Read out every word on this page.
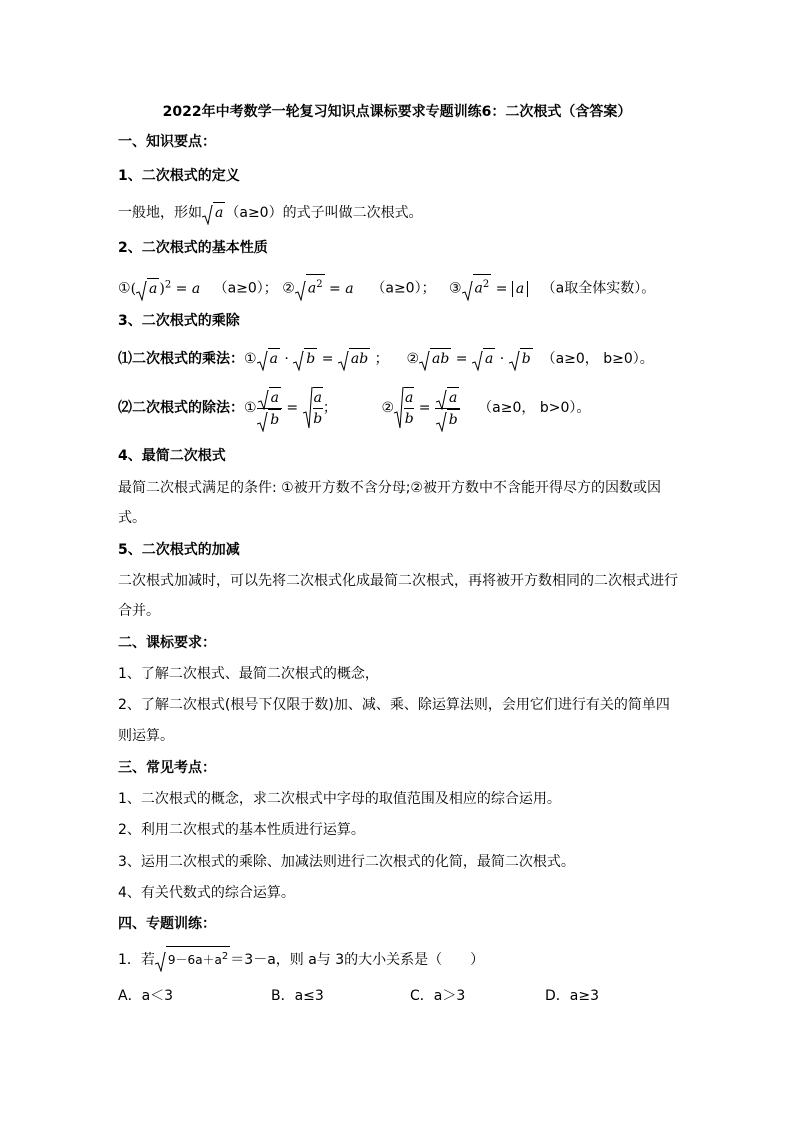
2022年中考数学一轮复习知识点课标要求专题训练6：二次根式（含答案）
一、知识要点：
1、二次根式的定义
一般地，形如 a （a≥0）的式子叫做二次根式。
2、二次根式的基本性质
①( a )$^2$ = a （a≥0）； ② $a^2 = a$ （a≥0）； ③ $a^2 = a$ （a取全体实数）。
3、二次根式的乘除
⑴二次根式的乘法：① a ·
b =
ab ；    ② ab =
a ·
b （a≥0， b≥0）。
⑵二次根式的除法：① $\frac{a}{b} = \frac{a}{b}$ ；          ② $\frac{a}{b} = \frac{a}{b} (a\ge 0$， b>0）。
4、最简二次根式
最简二次根式满足的条件: ①被开方数不含分母;②被开方数中不含能开得尽方的因数或因
式。
5、二次根式的加减
二次根式加减时，可以先将二次根式化成最简二次根式，再将被开方数相同的二次根式进行
合并。
二、课标要求：
1、了解二次根式、最简二次根式的概念，
2、了解二次根式(根号下仅限于数)加、减、乘、除运算法则，会用它们进行有关的简单四
则运算。
三、常见考点：
1、二次根式的概念，求二次根式中字母的取值范围及相应的综合运用。
2、利用二次根式的基本性质进行运算。
3、运用二次根式的乘除、加减法则进行二次根式的化简，最简二次根式。
4、有关代数式的综合运算。
四、专题训练：
1．若 $9-6a+a^2 =3-a$，则 a与 3的大小关系是（　　）
A．a＜3	B．a≤3	C．a＞3	D．a≥3
